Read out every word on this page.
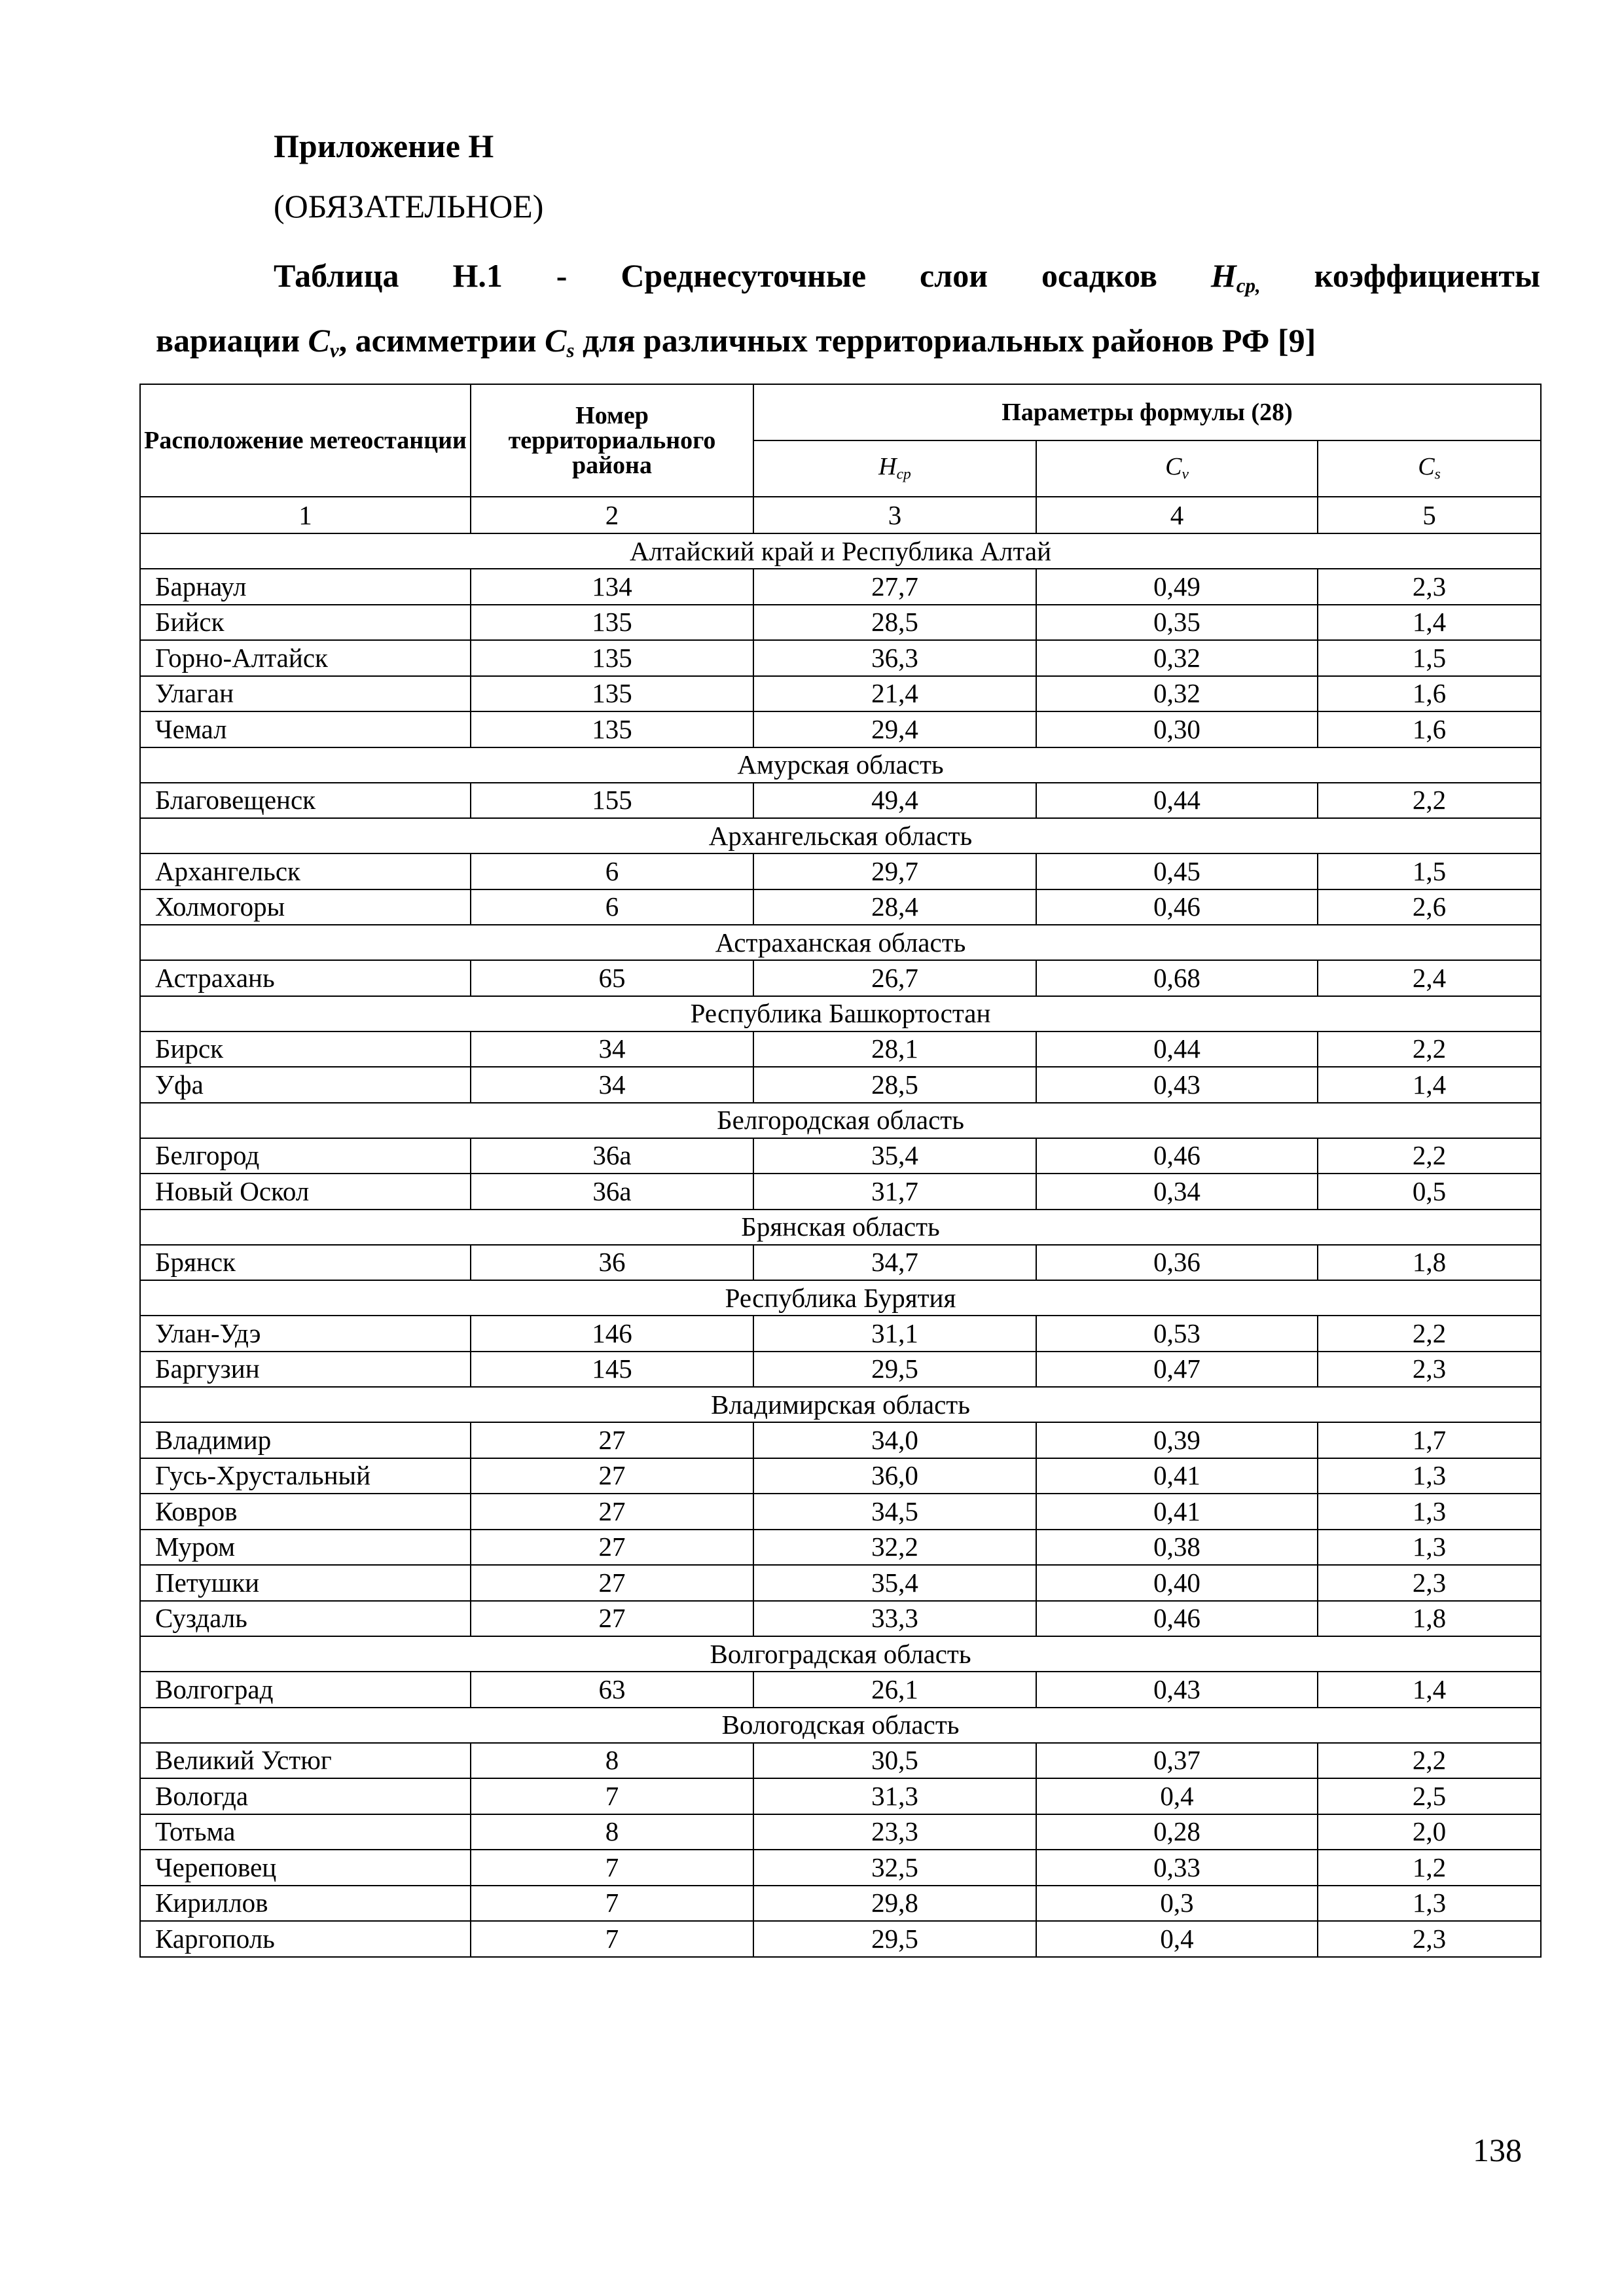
Приложение Н
(ОБЯЗАТЕЛЬНОЕ)
Таблица Н.1 - Среднесуточные слои осадков $H_{ср,}$ коэффициенты
вариации Cv, асимметрии Cs для различных территориальных районов РФ [9]
Расположение метеостанции	Номер территориального района	Параметры формулы (28)		
		$H_{ср}$	$C_v$	$C_s$
1	2	3	4	5
Алтайский край и Республика Алтай				
Барнаул	134	27,7	0,49	2,3
Бийск	135	28,5	0,35	1,4
Горно-Алтайск	135	36,3	0,32	1,5
Улаган	135	21,4	0,32	1,6
Чемал	135	29,4	0,30	1,6
Амурская область				
Благовещенск	155	49,4	0,44	2,2
Архангельская область				
Архангельск	6	29,7	0,45	1,5
Холмогоры	6	28,4	0,46	2,6
Астраханская область				
Астрахань	65	26,7	0,68	2,4
Республика Башкортостан				
Бирск	34	28,1	0,44	2,2
Уфа	34	28,5	0,43	1,4
Белгородская область				
Белгород	36а	35,4	0,46	2,2
Новый Оскол	36а	31,7	0,34	0,5
Брянская область				
Брянск	36	34,7	0,36	1,8
Республика Бурятия				
Улан-Удэ	146	31,1	0,53	2,2
Баргузин	145	29,5	0,47	2,3
Владимирская область				
Владимир	27	34,0	0,39	1,7
Гусь-Хрустальный	27	36,0	0,41	1,3
Ковров	27	34,5	0,41	1,3
Муром	27	32,2	0,38	1,3
Петушки	27	35,4	0,40	2,3
Суздаль	27	33,3	0,46	1,8
Волгоградская область				
Волгоград	63	26,1	0,43	1,4
Вологодская область				
Великий Устюг	8	30,5	0,37	2,2
Вологда	7	31,3	0,4	2,5
Тотьма	8	23,3	0,28	2,0
Череповец	7	32,5	0,33	1,2
Кириллов	7	29,8	0,3	1,3
Каргополь	7	29,5	0,4	2,3
138
